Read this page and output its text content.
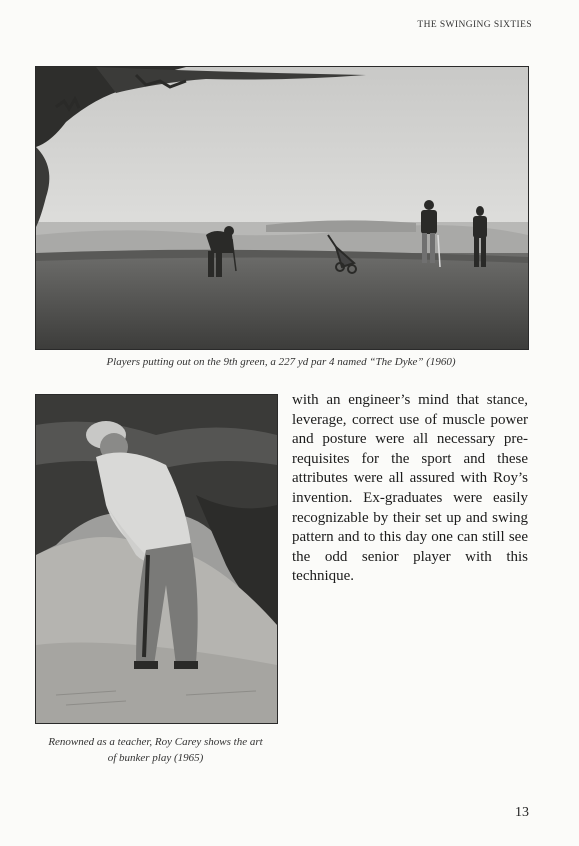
THE SWINGING SIXTIES
Players putting out on the 9th green, a 227 yd par 4 named “The Dyke” (1960)
Renowned as a teacher, Roy Carey shows the art
of bunker play (1965)
with an engineer’s mind that stance, leverage, correct use of muscle power and posture were all necessary pre-requisites for the sport and these attributes were all assured with Roy’s invention. Ex-graduates were easily recognizable by their set up and swing pattern and to this day one can still see the odd senior player with this technique.
13
